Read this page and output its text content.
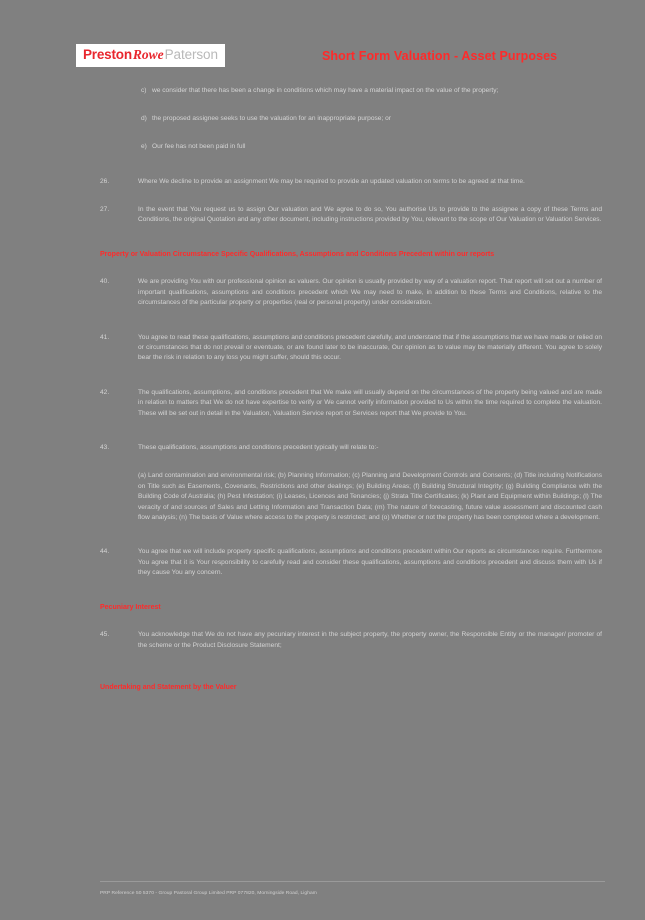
PrestonRowePaterson	Short Form Valuation - Asset Purposes
c) we consider that there has been a change in conditions which may have a material impact on the value of the property;
d) the proposed assignee seeks to use the valuation for an inappropriate purpose; or
e) Our fee has not been paid in full
26.	Where We decline to provide an assignment We may be required to provide an updated valuation on terms to be agreed at that time.
27.	In the event that You request us to assign Our valuation and We agree to do so, You authorise Us to provide to the assignee a copy of these Terms and Conditions, the original Quotation and any other document, including instructions provided by You, relevant to the scope of Our Valuation or Valuation Services.
Property or Valuation Circumstance Specific Qualifications, Assumptions and Conditions Precedent within our reports
40.	We are providing You with our professional opinion as valuers. Our opinion is usually provided by way of a valuation report. That report will set out a number of important qualifications, assumptions and conditions precedent which We may need to make, in addition to these Terms and Conditions, relative to the circumstances of the particular property or properties (real or personal property) under consideration.
41.	You agree to read these qualifications, assumptions and conditions precedent carefully, and understand that if the assumptions that we have made or relied on or circumstances that do not prevail or eventuate, or are found later to be inaccurate, Our opinion as to value may be materially different. You agree to solely bear the risk in relation to any loss you might suffer, should this occur.
42.	The qualifications, assumptions, and conditions precedent that We make will usually depend on the circumstances of the property being valued and are made in relation to matters that We do not have expertise to verify or We cannot verify information provided to Us within the time required to complete the valuation. These will be set out in detail in the Valuation, Valuation Service report or Services report that We provide to You.
43.	These qualifications, assumptions and conditions precedent typically will relate to:-
(a) Land contamination and environmental risk; (b) Planning Information; (c) Planning and Development Controls and Consents; (d) Title including Notifications on Title such as Easements, Covenants, Restrictions and other dealings; (e) Building Areas; (f) Building Structural Integrity; (g) Building Compliance with the Building Code of Australia; (h) Pest Infestation; (i) Leases, Licences and Tenancies; (j) Strata Title Certificates; (k) Plant and Equipment within Buildings; (l) The veracity of and sources of Sales and Letting Information and Transaction Data; (m) The nature of forecasting, future value assessment and discounted cash flow analysis; (n) The basis of Value where access to the property is restricted; and (o) Whether or not the property has been completed where a development.
44.	You agree that we will include property specific qualifications, assumptions and conditions precedent within Our reports as circumstances require. Furthermore You agree that it is Your responsibility to carefully read and consider these qualifications, assumptions and conditions precedent and discuss them with Us if they cause You any concern.
Pecuniary Interest
45.	You acknowledge that We do not have any pecuniary interest in the subject property, the property owner, the Responsible Entity or the manager/ promoter of the scheme or the Product Disclosure Statement;
Undertaking and Statement by the Valuer
PRP Reference 50 5370 - Group Pastoral Group Limited PRP 077820, Morningside Road, Ligham
